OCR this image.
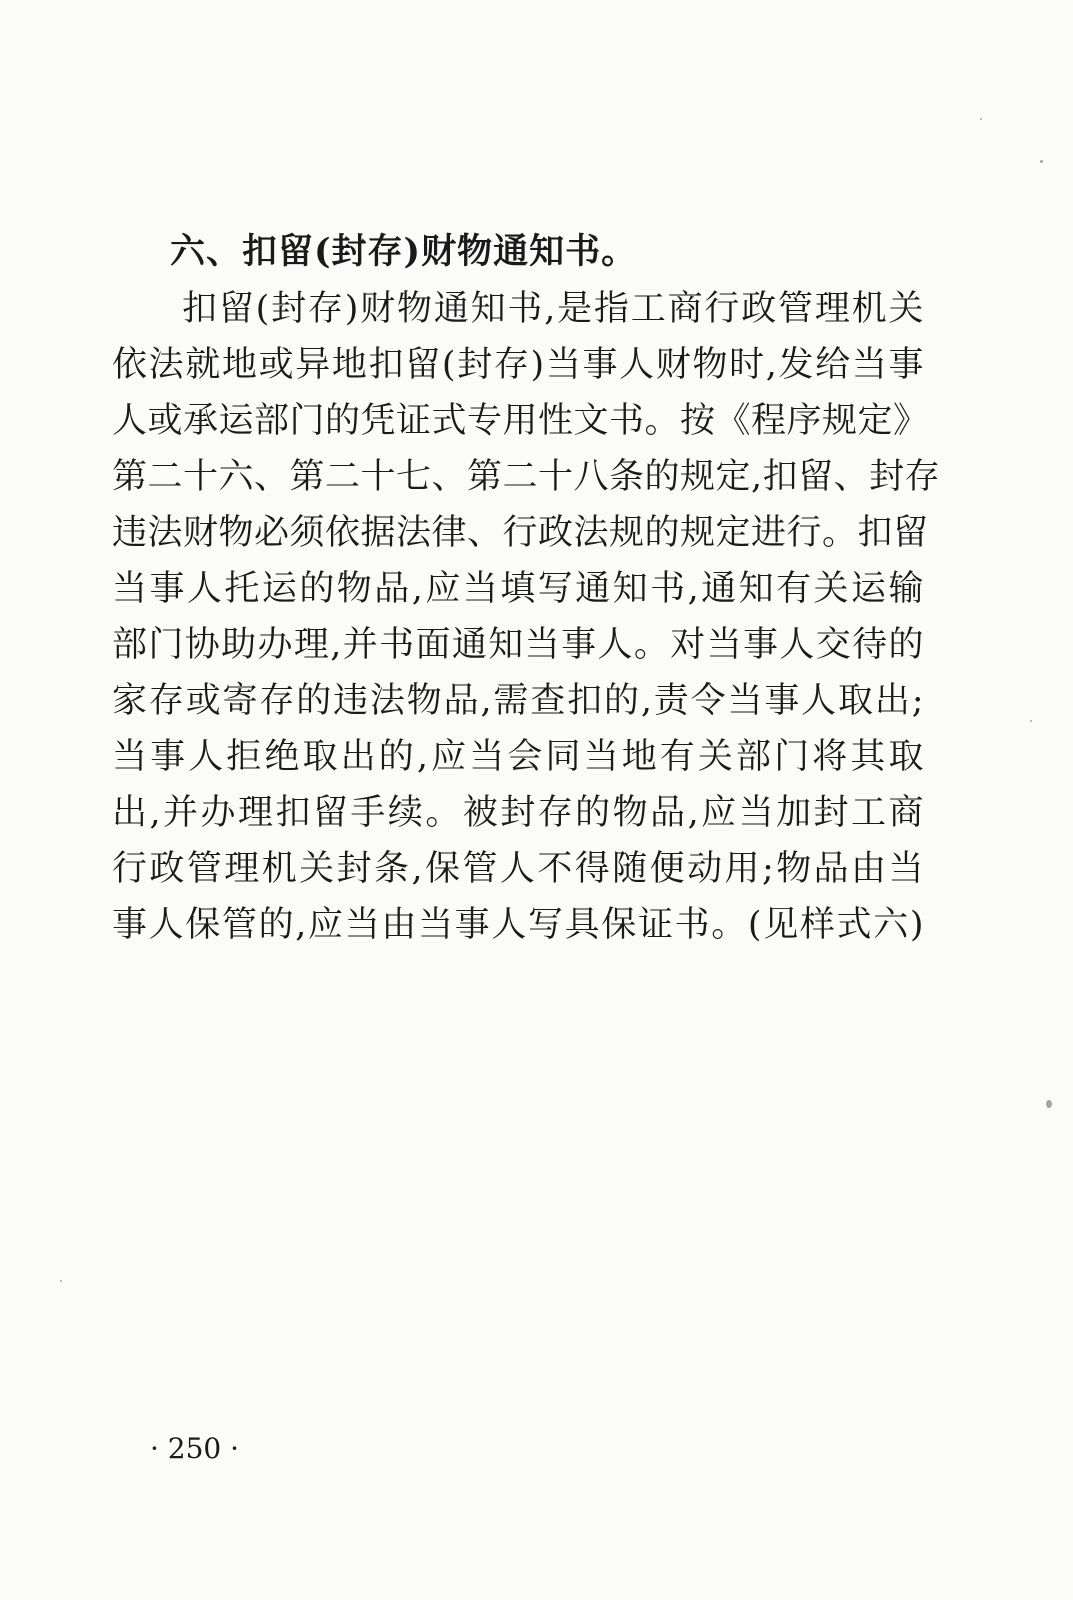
六、扣留(封存)财物通知书。
扣留(封存)财物通知书,是指工商行政管理机关
依法就地或异地扣留(封存)当事人财物时,发给当事
人或承运部门的凭证式专用性文书。按《程序规定》
第二十六、第二十七、第二十八条的规定,扣留、封存
违法财物必须依据法律、行政法规的规定进行。扣留
当事人托运的物品,应当填写通知书,通知有关运输
部门协助办理,并书面通知当事人。对当事人交待的
家存或寄存的违法物品,需查扣的,责令当事人取出;
当事人拒绝取出的,应当会同当地有关部门将其取
出,并办理扣留手续。被封存的物品,应当加封工商
行政管理机关封条,保管人不得随便动用;物品由当
事人保管的,应当由当事人写具保证书。(见样式六)
· 250 ·
